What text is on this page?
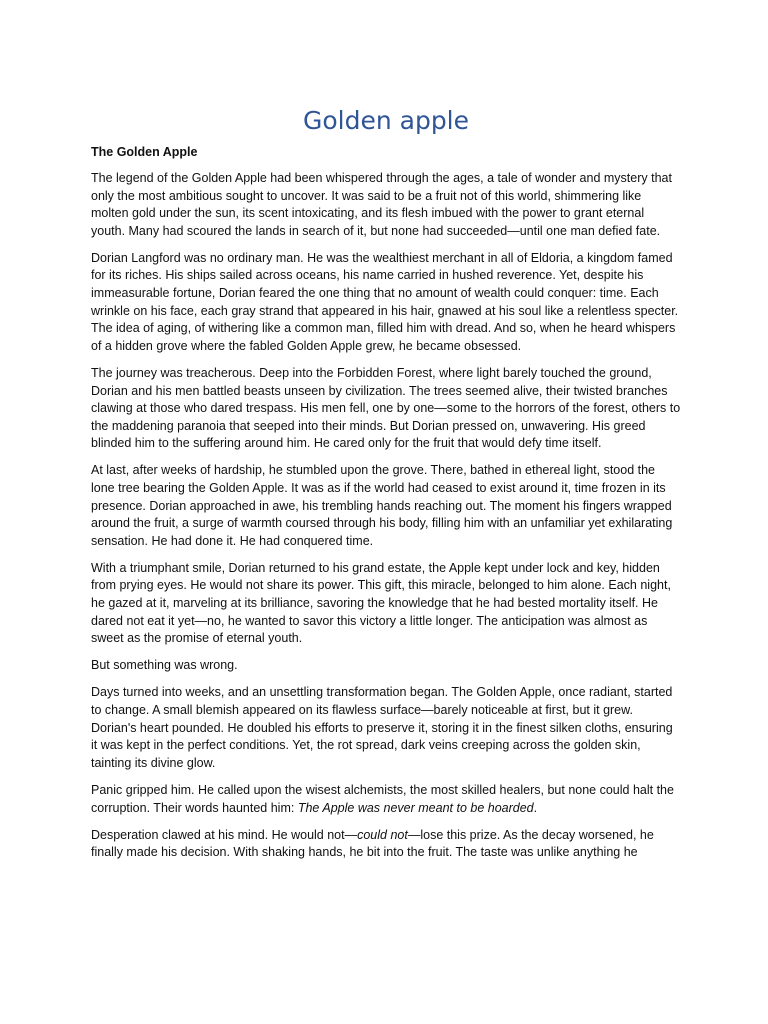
Golden apple
The Golden Apple

The legend of the Golden Apple had been whispered through the ages, a tale of wonder and mystery that only the most ambitious sought to uncover. It was said to be a fruit not of this world, shimmering like molten gold under the sun, its scent intoxicating, and its flesh imbued with the power to grant eternal youth. Many had scoured the lands in search of it, but none had succeeded—until one man defied fate.

Dorian Langford was no ordinary man. He was the wealthiest merchant in all of Eldoria, a kingdom famed for its riches. His ships sailed across oceans, his name carried in hushed reverence. Yet, despite his immeasurable fortune, Dorian feared the one thing that no amount of wealth could conquer: time. Each wrinkle on his face, each gray strand that appeared in his hair, gnawed at his soul like a relentless specter. The idea of aging, of withering like a common man, filled him with dread. And so, when he heard whispers of a hidden grove where the fabled Golden Apple grew, he became obsessed.

The journey was treacherous. Deep into the Forbidden Forest, where light barely touched the ground, Dorian and his men battled beasts unseen by civilization. The trees seemed alive, their twisted branches clawing at those who dared trespass. His men fell, one by one—some to the horrors of the forest, others to the maddening paranoia that seeped into their minds. But Dorian pressed on, unwavering. His greed blinded him to the suffering around him. He cared only for the fruit that would defy time itself.

At last, after weeks of hardship, he stumbled upon the grove. There, bathed in ethereal light, stood the lone tree bearing the Golden Apple. It was as if the world had ceased to exist around it, time frozen in its presence. Dorian approached in awe, his trembling hands reaching out. The moment his fingers wrapped around the fruit, a surge of warmth coursed through his body, filling him with an unfamiliar yet exhilarating sensation. He had done it. He had conquered time.

With a triumphant smile, Dorian returned to his grand estate, the Apple kept under lock and key, hidden from prying eyes. He would not share its power. This gift, this miracle, belonged to him alone. Each night, he gazed at it, marveling at its brilliance, savoring the knowledge that he had bested mortality itself. He dared not eat it yet—no, he wanted to savor this victory a little longer. The anticipation was almost as sweet as the promise of eternal youth.

But something was wrong.

Days turned into weeks, and an unsettling transformation began. The Golden Apple, once radiant, started to change. A small blemish appeared on its flawless surface—barely noticeable at first, but it grew. Dorian's heart pounded. He doubled his efforts to preserve it, storing it in the finest silken cloths, ensuring it was kept in the perfect conditions. Yet, the rot spread, dark veins creeping across the golden skin, tainting its divine glow.

Panic gripped him. He called upon the wisest alchemists, the most skilled healers, but none could halt the corruption. Their words haunted him: The Apple was never meant to be hoarded.

Desperation clawed at his mind. He would not—could not—lose this prize. As the decay worsened, he finally made his decision. With shaking hands, he bit into the fruit. The taste was unlike anything he
